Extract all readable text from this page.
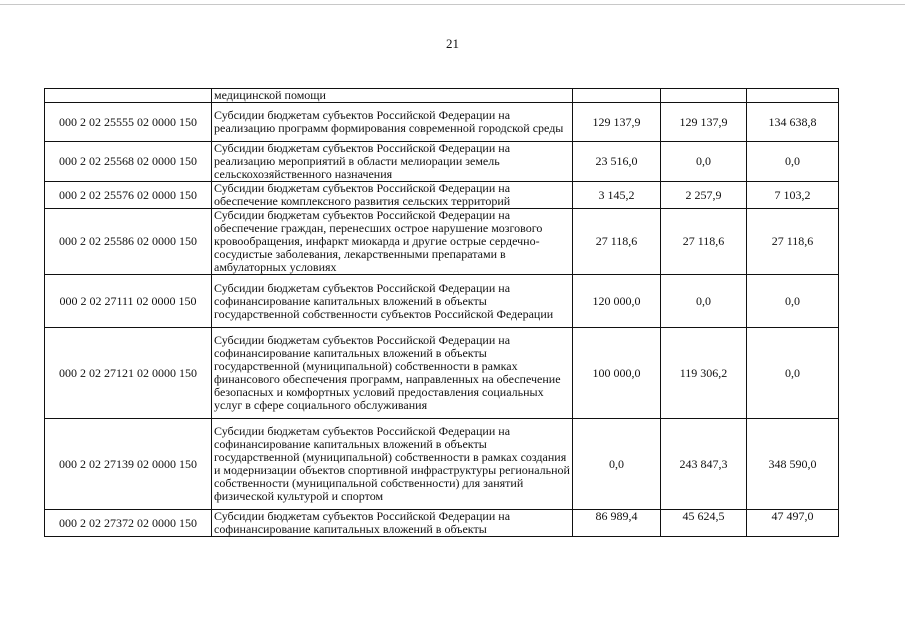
21
	медицинской помощи			
000 2 02 25555 02 0000 150	Субсидии бюджетам субъектов Российской Федерации на реализацию программ формирования современной городской среды	129 137,9	129 137,9	134 638,8
000 2 02 25568 02 0000 150	Субсидии бюджетам субъектов Российской Федерации на реализацию мероприятий в области мелиорации земель сельскохозяйственного назначения	23 516,0	0,0	0,0
000 2 02 25576 02 0000 150	Субсидии бюджетам субъектов Российской Федерации на обеспечение комплексного развития сельских территорий	3 145,2	2 257,9	7 103,2
000 2 02 25586 02 0000 150	Субсидии бюджетам субъектов Российской Федерации на обеспечение граждан, перенесших острое нарушение мозгового кровообращения, инфаркт миокарда и другие острые сердечно-сосудистые заболевания, лекарственными препаратами в амбулаторных условиях	27 118,6	27 118,6	27 118,6
000 2 02 27111 02 0000 150	Субсидии бюджетам субъектов Российской Федерации на софинансирование капитальных вложений в объекты государственной собственности субъектов Российской Федерации	120 000,0	0,0	0,0
000 2 02 27121 02 0000 150	Субсидии бюджетам субъектов Российской Федерации на софинансирование капитальных вложений в объекты государственной (муниципальной) собственности в рамках финансового обеспечения программ, направленных на обеспечение безопасных и комфортных условий предоставления социальных услуг в сфере социального обслуживания	100 000,0	119 306,2	0,0
000 2 02 27139 02 0000 150	Субсидии бюджетам субъектов Российской Федерации на софинансирование капитальных вложений в объекты государственной (муниципальной) собственности в рамках создания и модернизации объектов спортивной инфраструктуры региональной собственности (муниципальной собственности) для занятий физической культурой и спортом	0,0	243 847,3	348 590,0
000 2 02 27372 02 0000 150	Субсидии бюджетам субъектов Российской Федерации на софинансирование капитальных вложений в объекты	86 989,4	45 624,5	47 497,0
